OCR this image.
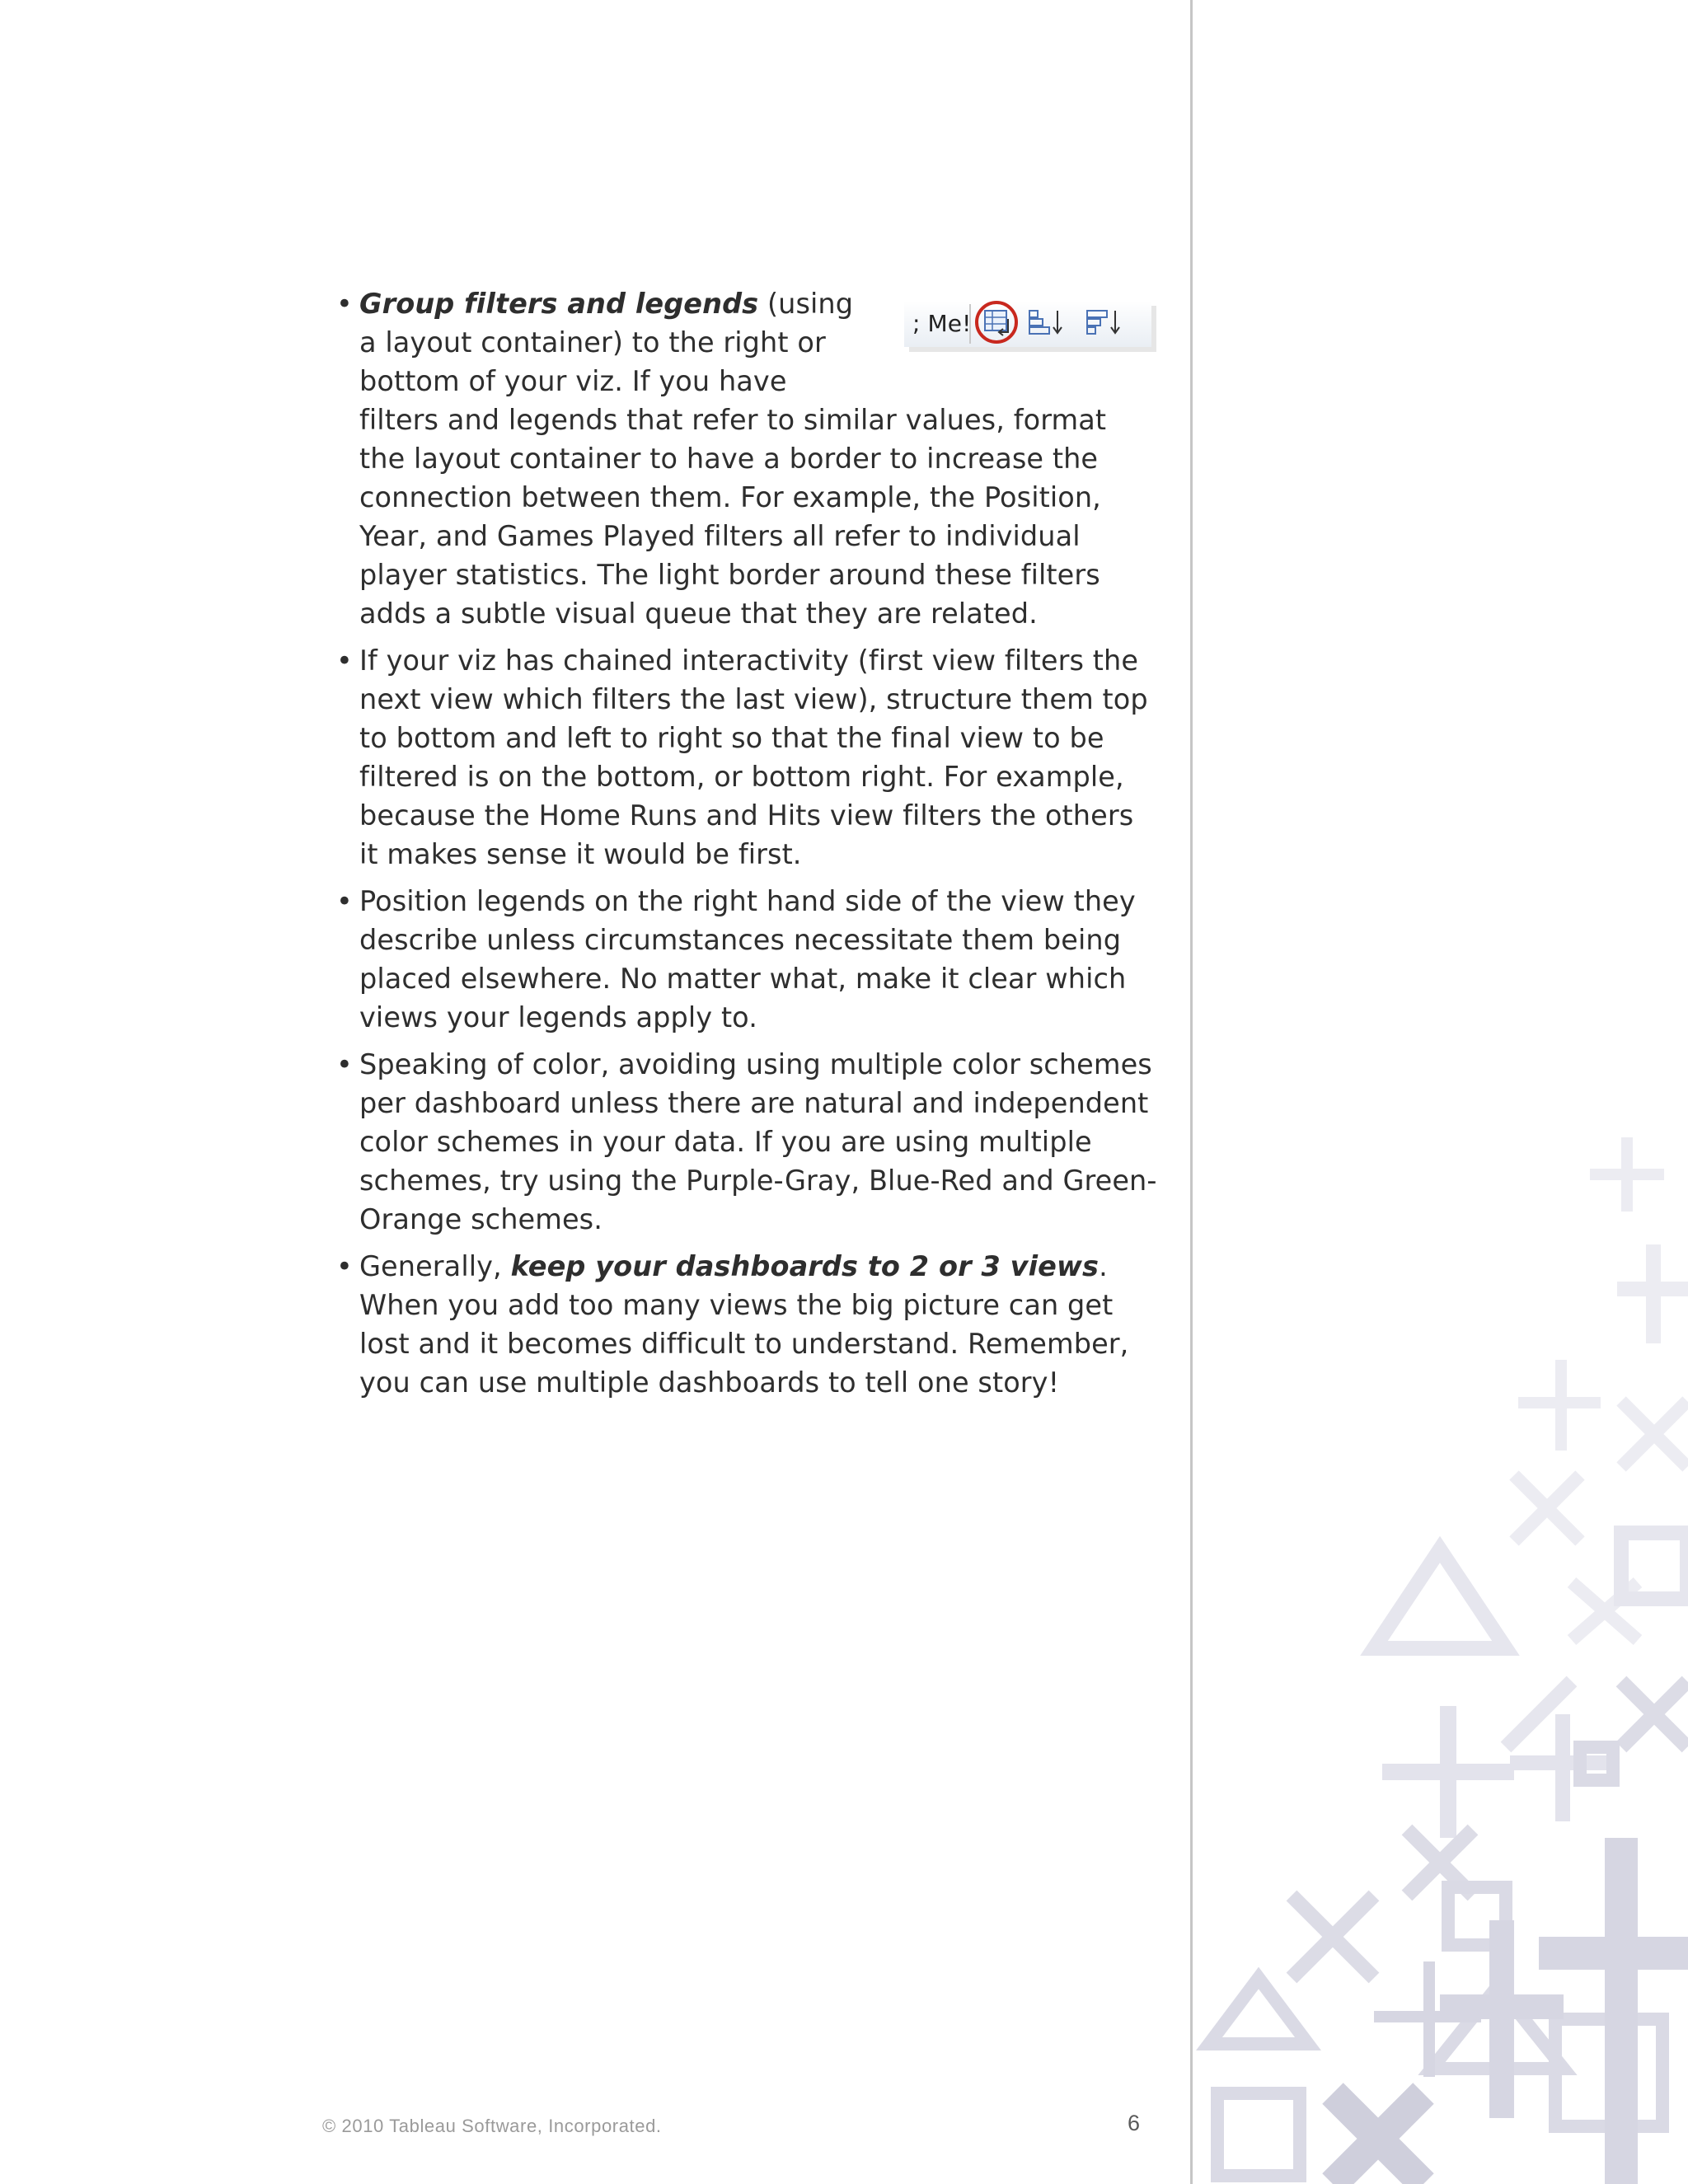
•
; Me!
Group filters and legends (using a layout container) to the right or bottom of your viz. If you have filters and legends that refer to similar values, format the layout container to have a border to increase the connection between them. For example, the Position, Year, and Games Played filters all refer to individual player statistics. The light border around these filters adds a subtle visual queue that they are related.
• If your viz has chained interactivity (first view filters the next view which filters the last view), structure them top to bottom and left to right so that the final view to be filtered is on the bottom, or bottom right. For example, because the Home Runs and Hits view filters the others it makes sense it would be first.
• Position legends on the right hand side of the view they describe unless circumstances necessitate them being placed elsewhere. No matter what, make it clear which views your legends apply to.
• Speaking of color, avoiding using multiple color schemes per dashboard unless there are natural and independent color schemes in your data. If you are using multiple schemes, try using the Purple-Gray, Blue-Red and Green-Orange schemes.
• Generally, keep your dashboards to 2 or 3 views. When you add too many views the big picture can get lost and it becomes difficult to understand. Remember, you can use multiple dashboards to tell one story!
© 2010 Tableau Software, Incorporated.	6
